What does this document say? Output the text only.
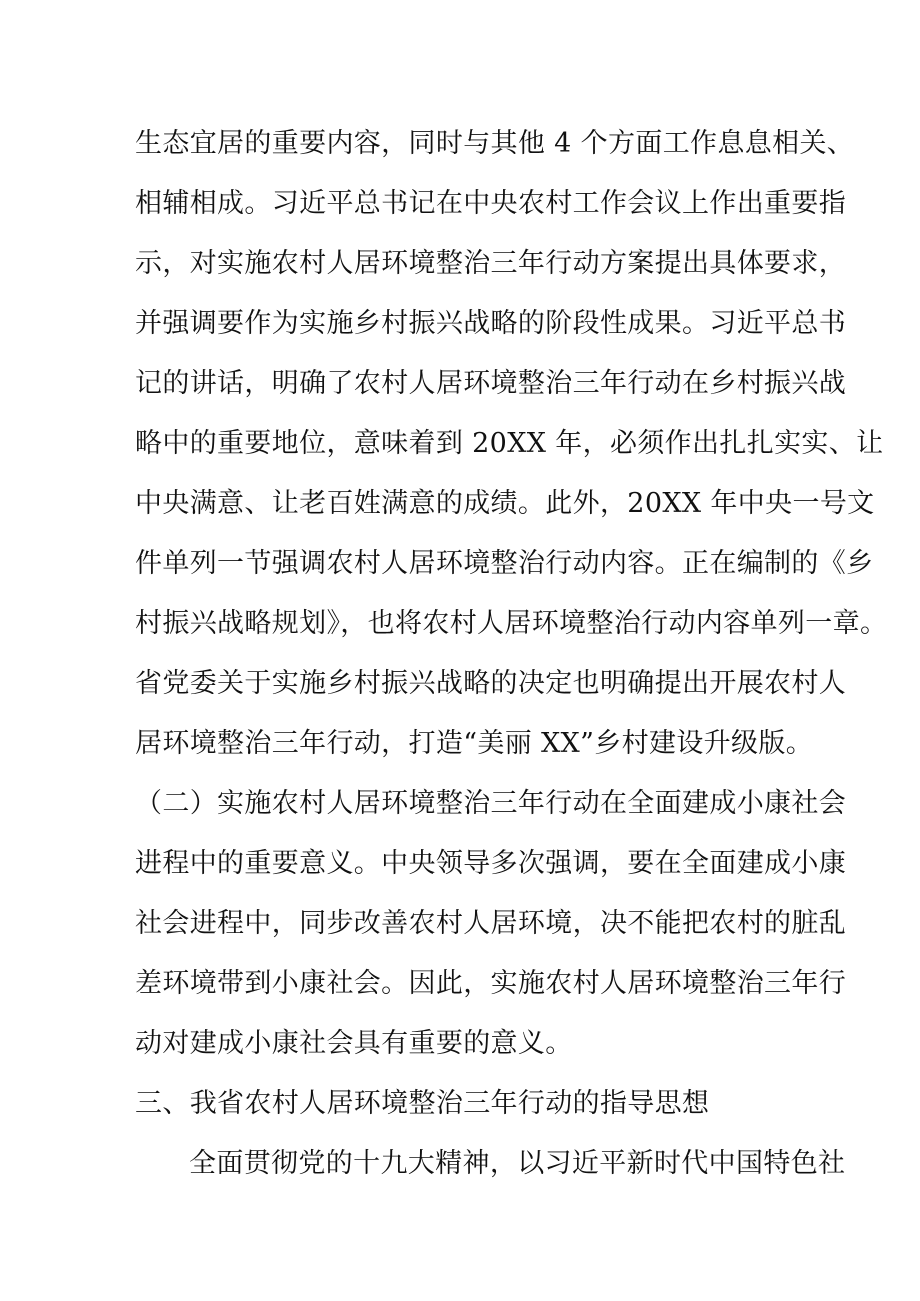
生态宜居的重要内容，同时与其他 4 个方面工作息息相关、
相辅相成。习近平总书记在中央农村工作会议上作出重要指
示，对实施农村人居环境整治三年行动方案提出具体要求，
并强调要作为实施乡村振兴战略的阶段性成果。习近平总书
记的讲话，明确了农村人居环境整治三年行动在乡村振兴战
略中的重要地位，意味着到 20XX 年，必须作出扎扎实实、让
中央满意、让老百姓满意的成绩。此外，20XX 年中央一号文
件单列一节强调农村人居环境整治行动内容。正在编制的《乡
村振兴战略规划》，也将农村人居环境整治行动内容单列一章。
省党委关于实施乡村振兴战略的决定也明确提出开展农村人
居环境整治三年行动，打造“美丽 XX”乡村建设升级版。
（二）实施农村人居环境整治三年行动在全面建成小康社会
进程中的重要意义。中央领导多次强调，要在全面建成小康
社会进程中，同步改善农村人居环境，决不能把农村的脏乱
差环境带到小康社会。因此，实施农村人居环境整治三年行
动对建成小康社会具有重要的意义。
三、我省农村人居环境整治三年行动的指导思想
全面贯彻党的十九大精神，以习近平新时代中国特色社
